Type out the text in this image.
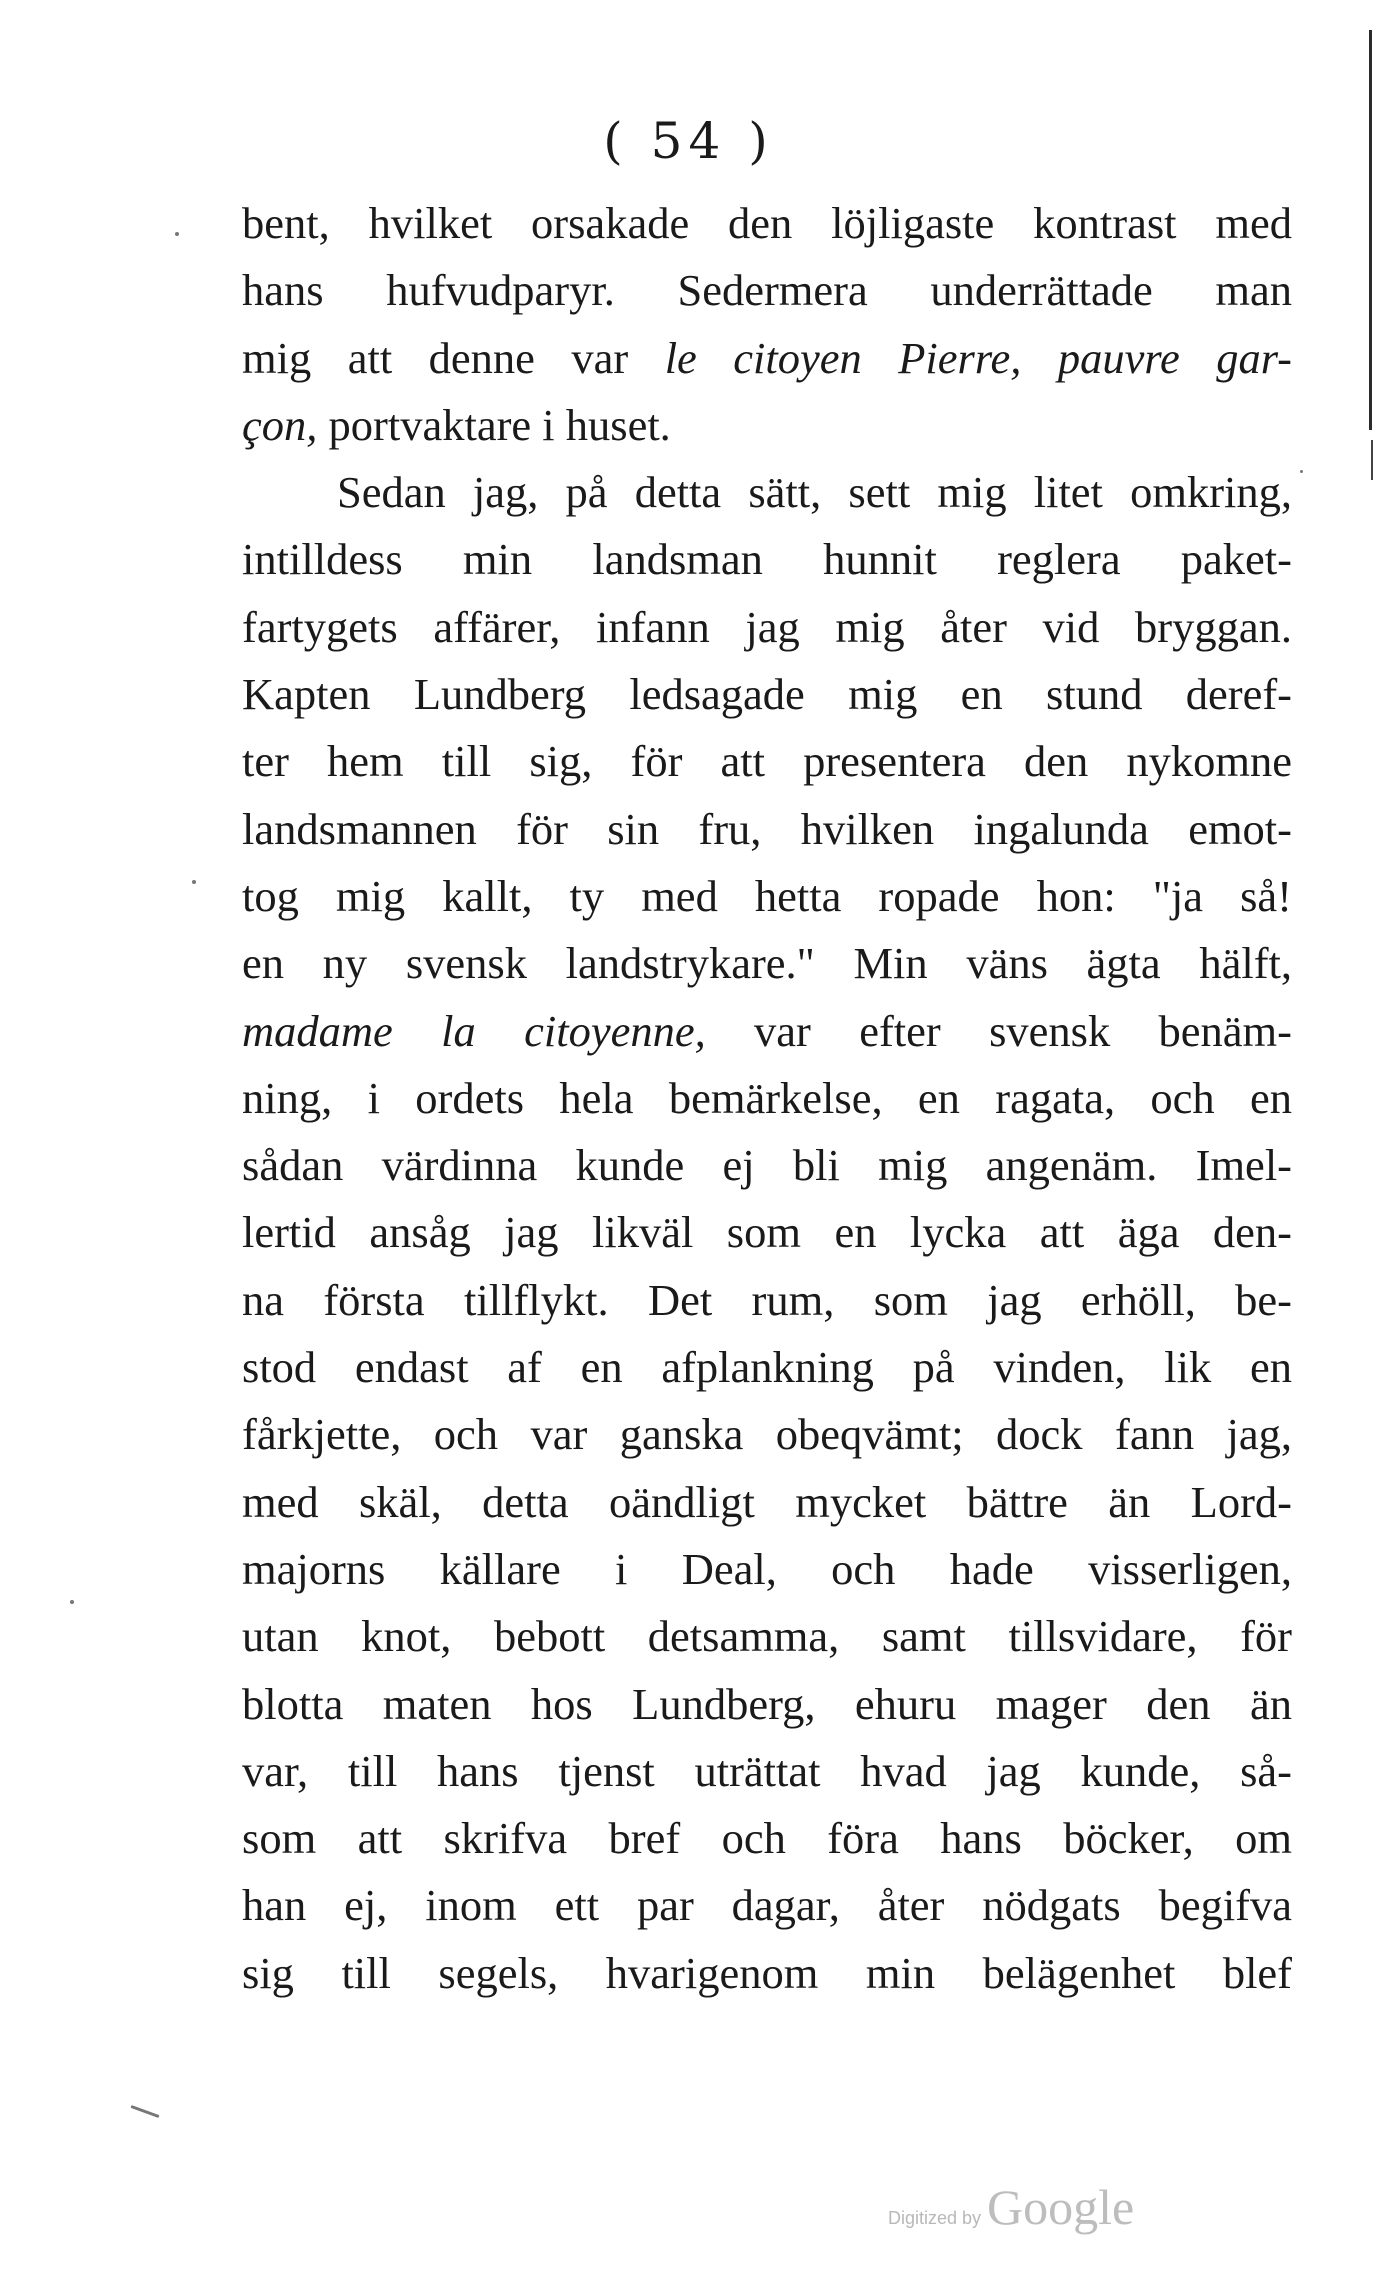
( 54 )
bent, hvilket orsakade den löjligaste kontrast med
hans hufvudparyr. Sedermera underrättade man
mig att denne var le citoyen Pierre, pauvre gar-
çon, portvaktare i huset.
Sedan jag, på detta sätt, sett mig litet omkring,
intilldess min landsman hunnit reglera paket-
fartygets affärer, infann jag mig åter vid bryggan.
Kapten Lundberg ledsagade mig en stund deref-
ter hem till sig, för att presentera den nykomne
landsmannen för sin fru, hvilken ingalunda emot-
tog mig kallt, ty med hetta ropade hon: "ja så!
en ny svensk landstrykare." Min väns ägta hälft,
madame la citoyenne, var efter svensk benäm-
ning, i ordets hela bemärkelse, en ragata, och en
sådan värdinna kunde ej bli mig angenäm. Imel-
lertid ansåg jag likväl som en lycka att äga den-
na första tillflykt. Det rum, som jag erhöll, be-
stod endast af en afplankning på vinden, lik en
fårkjette, och var ganska obeqvämt; dock fann jag,
med skäl, detta oändligt mycket bättre än Lord-
majorns källare i Deal, och hade visserligen,
utan knot, bebott detsamma, samt tillsvidare, för
blotta maten hos Lundberg, ehuru mager den än
var, till hans tjenst uträttat hvad jag kunde, så-
som att skrifva bref och föra hans böcker, om
han ej, inom ett par dagar, åter nödgats begifva
sig till segels, hvarigenom min belägenhet blef
Digitized by Google
